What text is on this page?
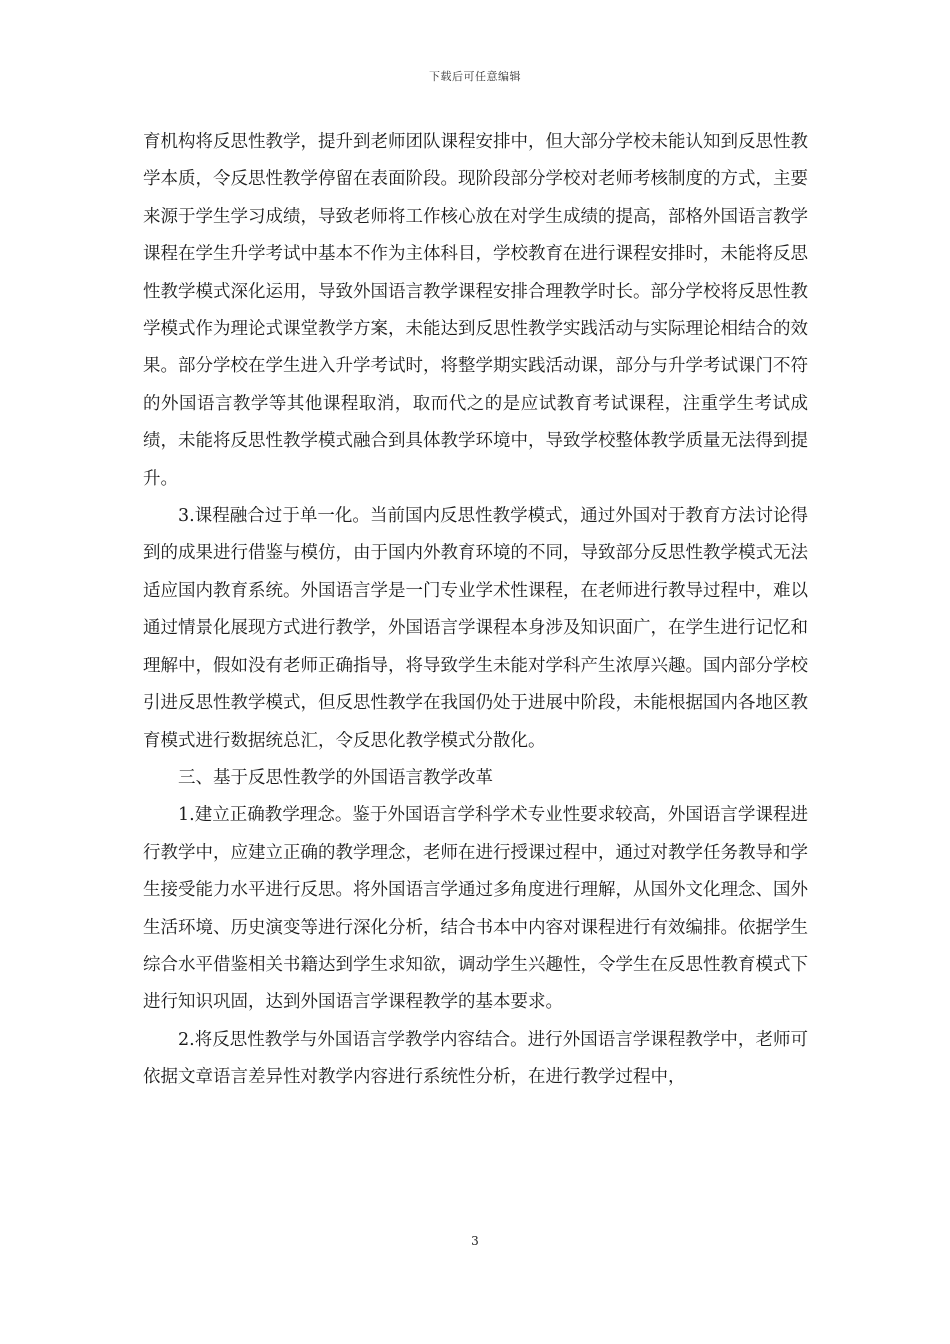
下载后可任意编辑

育机构将反思性教学，提升到老师团队课程安排中，但大部分学校未能认知到反思性教学本质，令反思性教学停留在表面阶段。现阶段部分学校对老师考核制度的方式，主要来源于学生学习成绩，导致老师将工作核心放在对学生成绩的提高，部格外国语言教学课程在学生升学考试中基本不作为主体科目，学校教育在进行课程安排时，未能将反思性教学模式深化运用，导致外国语言教学课程安排合理教学时长。部分学校将反思性教学模式作为理论式课堂教学方案，未能达到反思性教学实践活动与实际理论相结合的效果。部分学校在学生进入升学考试时，将整学期实践活动课，部分与升学考试课门不符的外国语言教学等其他课程取消，取而代之的是应试教育考试课程，注重学生考试成绩，未能将反思性教学模式融合到具体教学环境中，导致学校整体教学质量无法得到提升。

3.课程融合过于单一化。当前国内反思性教学模式，通过外国对于教育方法讨论得到的成果进行借鉴与模仿，由于国内外教育环境的不同，导致部分反思性教学模式无法适应国内教育系统。外国语言学是一门专业学术性课程，在老师进行教导过程中，难以通过情景化展现方式进行教学，外国语言学课程本身涉及知识面广，在学生进行记忆和理解中，假如没有老师正确指导，将导致学生未能对学科产生浓厚兴趣。国内部分学校引进反思性教学模式，但反思性教学在我国仍处于进展中阶段，未能根据国内各地区教育模式进行数据统总汇，令反思化教学模式分散化。

三、基于反思性教学的外国语言教学改革

1.建立正确教学理念。鉴于外国语言学科学术专业性要求较高，外国语言学课程进行教学中，应建立正确的教学理念，老师在进行授课过程中，通过对教学任务教导和学生接受能力水平进行反思。将外国语言学通过多角度进行理解，从国外文化理念、国外生活环境、历史演变等进行深化分析，结合书本中内容对课程进行有效编排。依据学生综合水平借鉴相关书籍达到学生求知欲，调动学生兴趣性，令学生在反思性教育模式下进行知识巩固，达到外国语言学课程教学的基本要求。

2.将反思性教学与外国语言学教学内容结合。进行外国语言学课程教学中，老师可依据文章语言差异性对教学内容进行系统性分析，在进行教学过程中，

3
